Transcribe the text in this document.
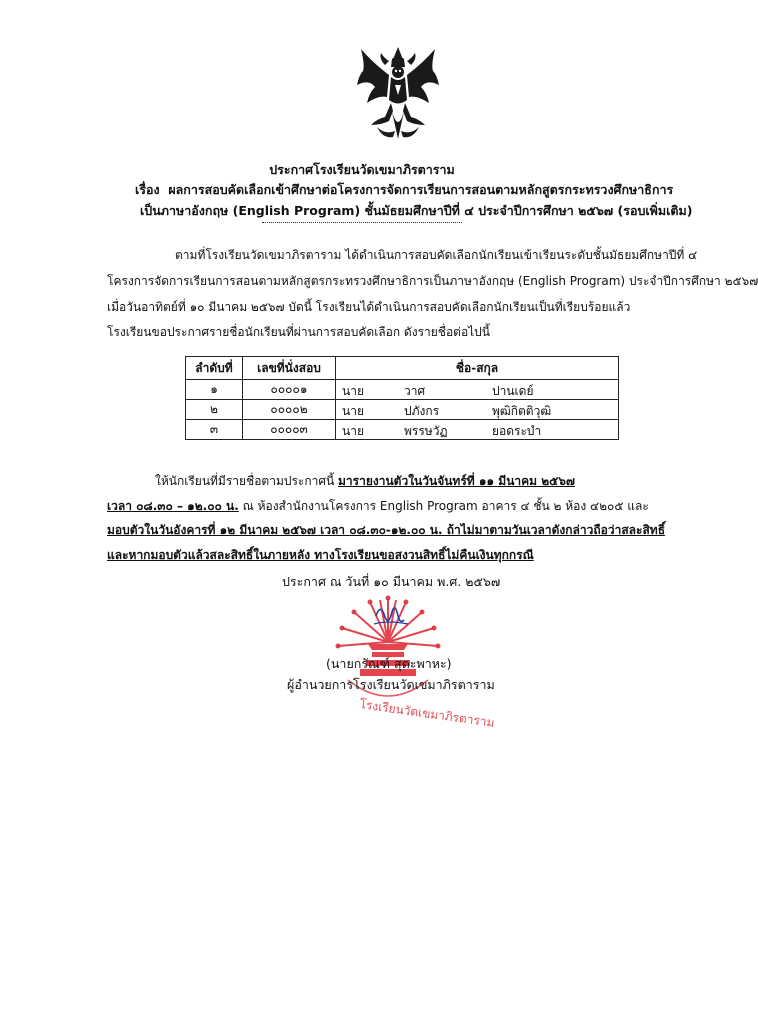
ประกาศโรงเรียนวัดเขมาภิรตาราม
เรื่อง ผลการสอบคัดเลือกเข้าศึกษาต่อโครงการจัดการเรียนการสอนตามหลักสูตรกระทรวงศึกษาธิการ
เป็นภาษาอังกฤษ (English Program) ชั้นมัธยมศึกษาปีที่ ๔ ประจำปีการศึกษา ๒๕๖๗ (รอบเพิ่มเติม)
ตามที่โรงเรียนวัดเขมาภิรตาราม ได้ดำเนินการสอบคัดเลือกนักเรียนเข้าเรียนระดับชั้นมัธยมศึกษาปีที่ ๔
โครงการจัดการเรียนการสอนตามหลักสูตรกระทรวงศึกษาธิการเป็นภาษาอังกฤษ (English Program) ประจำปีการศึกษา ๒๕๖๗
เมื่อวันอาทิตย์ที่ ๑๐ มีนาคม ๒๕๖๗ บัดนี้ โรงเรียนได้ดำเนินการสอบคัดเลือกนักเรียนเป็นที่เรียบร้อยแล้ว
โรงเรียนขอประกาศรายชื่อนักเรียนที่ผ่านการสอบคัดเลือก ดังรายชื่อต่อไปนี้
ลำดับที่	เลขที่นั่งสอบ	ชื่อ-สกุล
๑	๐๐๐๐๑	นาย วาศ ปานเดย์

๒	๐๐๐๐๒	นาย ปภังกร พุฒิกิตติวุฒิ

๓	๐๐๐๐๓	นาย พรรษวัฏ ยอดระบำ
ให้นักเรียนที่มีรายชื่อตามประกาศนี้ มารายงานตัวในวันจันทร์ที่ ๑๑ มีนาคม ๒๕๖๗
เวลา ๐๘.๓๐ – ๑๒.๐๐ น. ณ ห้องสำนักงานโครงการ English Program อาคาร ๔ ชั้น ๒ ห้อง ๔๒๐๕ และ
มอบตัวในวันอังคารที่ ๑๒ มีนาคม ๒๕๖๗ เวลา ๐๘.๓๐-๑๒.๐๐ น. ถ้าไม่มาตามวันเวลาดังกล่าวถือว่าสละสิทธิ์
และหากมอบตัวแล้วสละสิทธิ์ในภายหลัง ทางโรงเรียนขอสงวนสิทธิ์ไม่คืนเงินทุกกรณี
ประกาศ ณ วันที่ ๑๐ มีนาคม พ.ศ. ๒๕๖๗
โรงเรียนวัดเขมาภิรตาราม
(นายกรัณฑ์ สุตะพาหะ)
ผู้อำนวยการโรงเรียนวัดเขมาภิรตาราม
